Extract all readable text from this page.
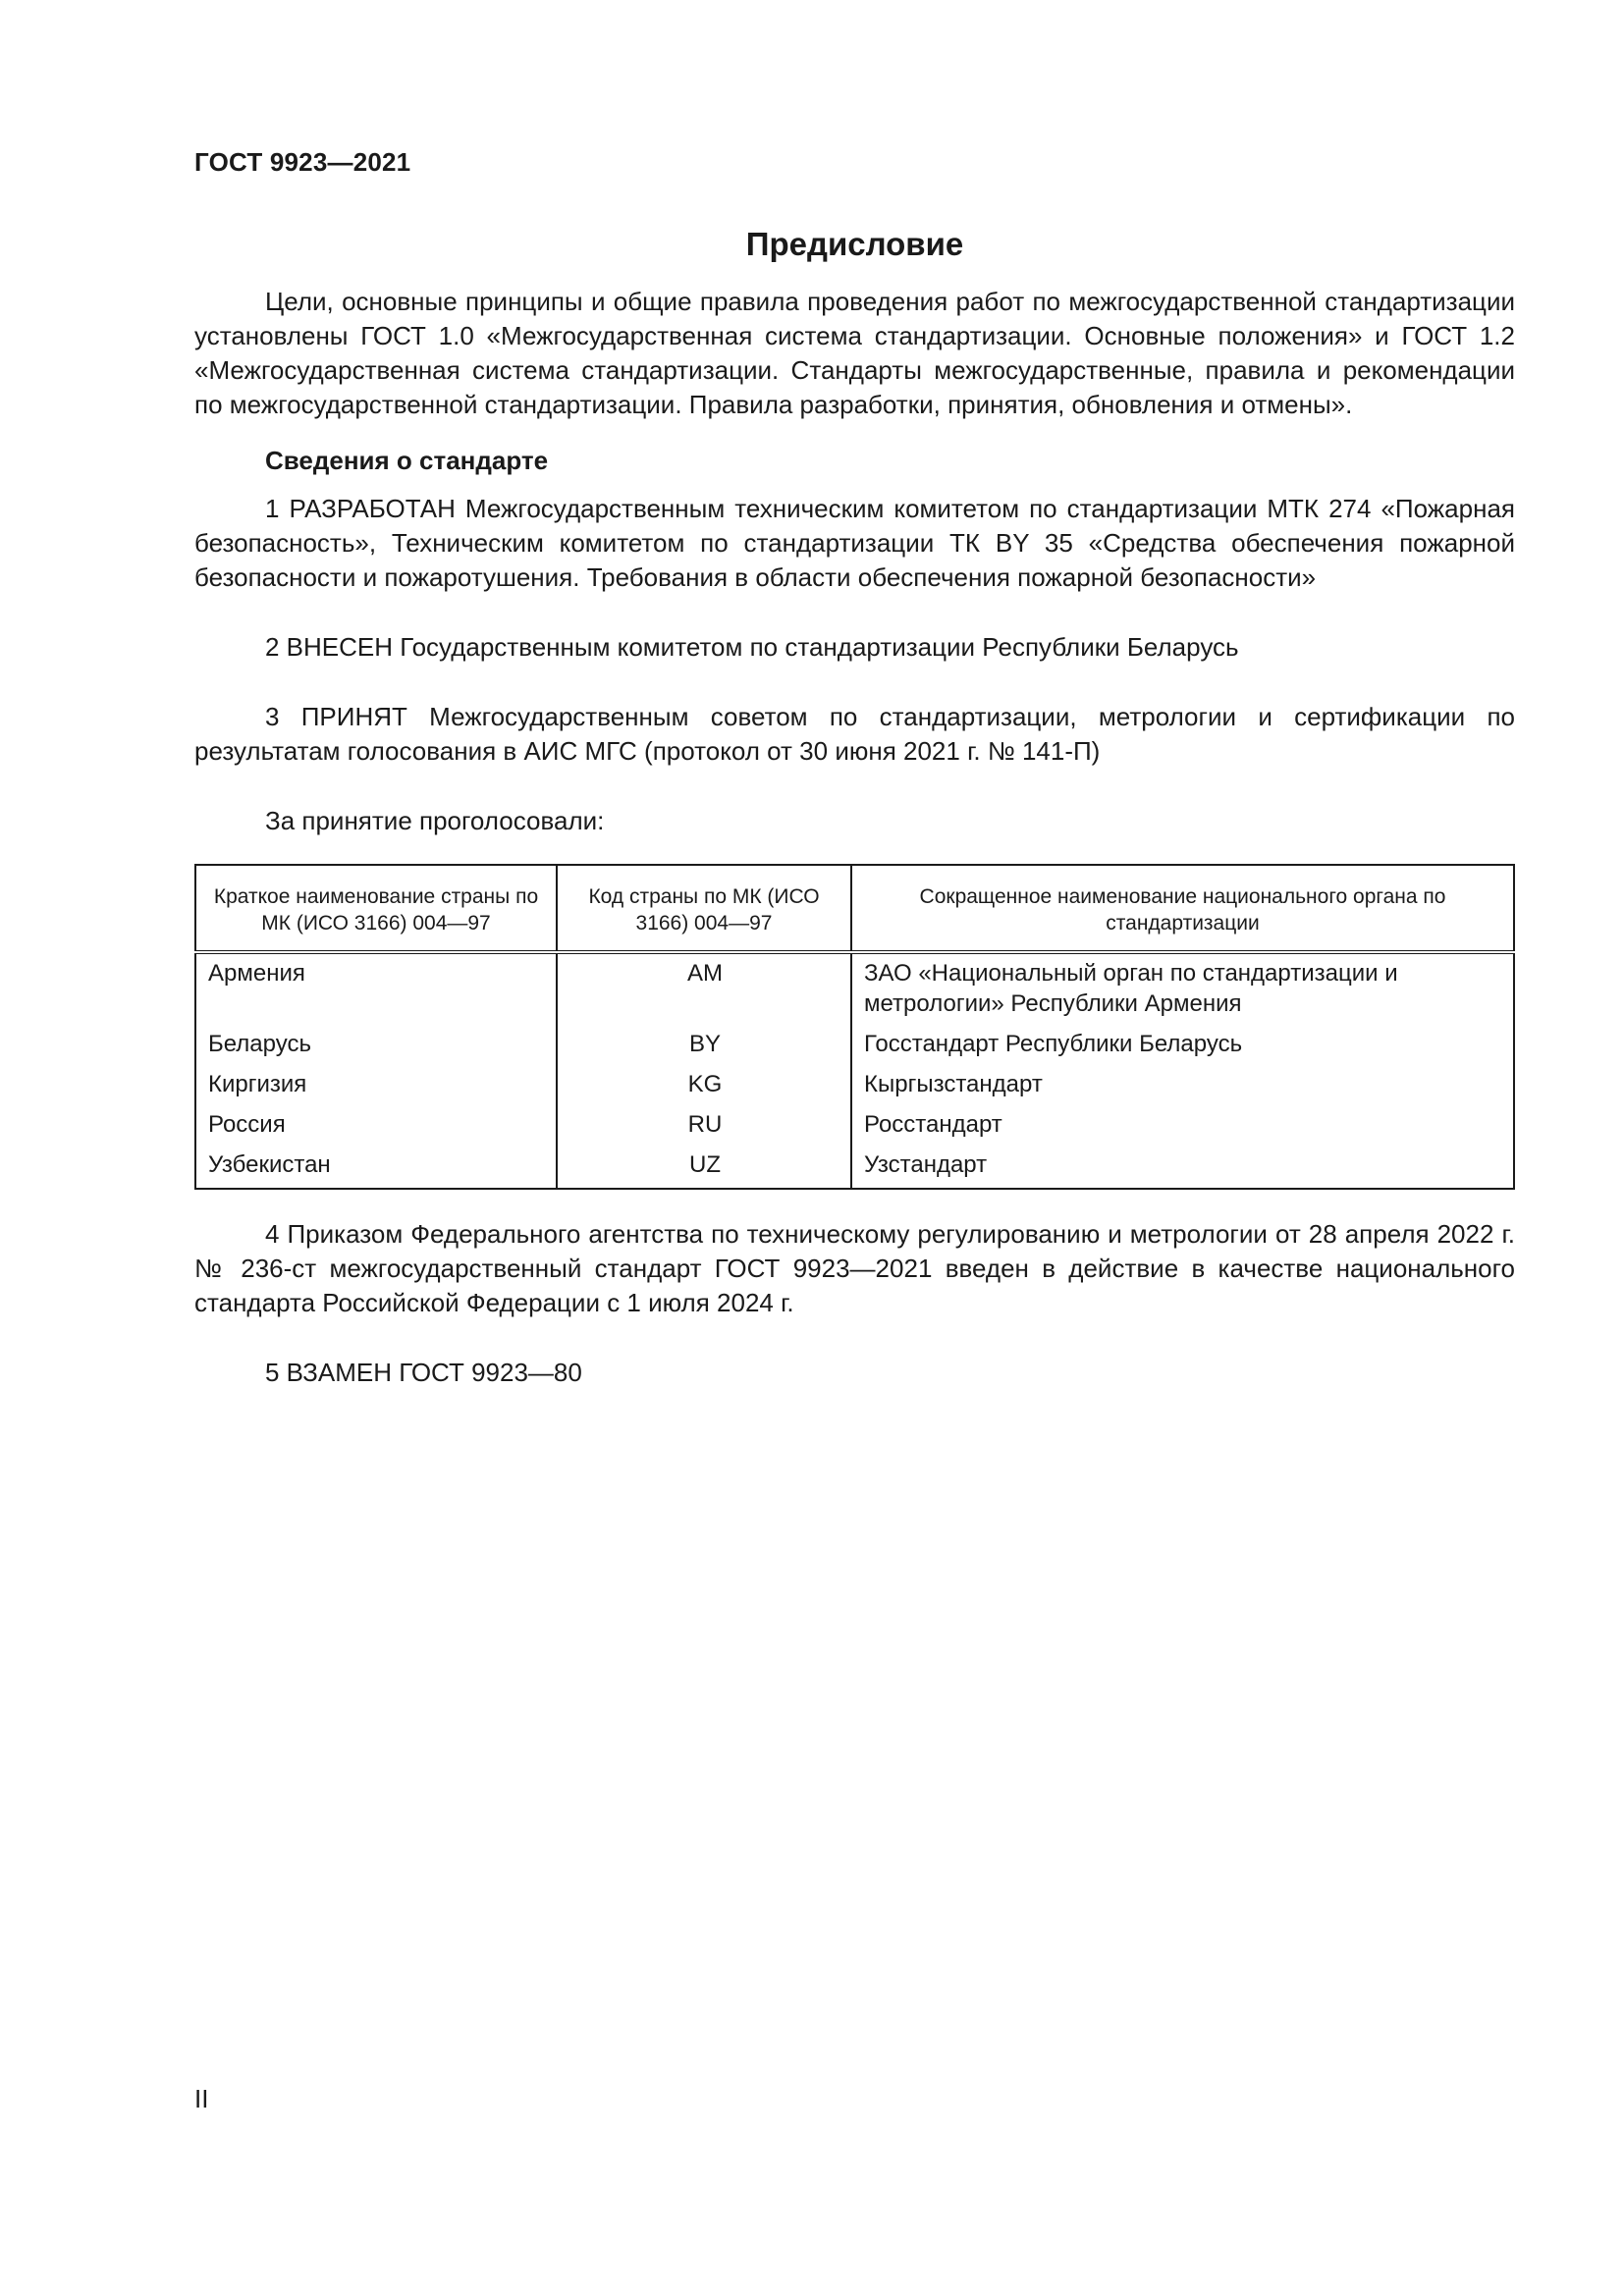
ГОСТ 9923—2021
Предисловие

Цели, основные принципы и общие правила проведения работ по межгосударственной стандартизации установлены ГОСТ 1.0 «Межгосударственная система стандартизации. Основные положения» и ГОСТ 1.2 «Межгосударственная система стандартизации. Стандарты межгосударственные, правила и рекомендации по межгосударственной стандартизации. Правила разработки, принятия, обновления и отмены».

Сведения о стандарте

1 РАЗРАБОТАН Межгосударственным техническим комитетом по стандартизации МТК 274 «Пожарная безопасность», Техническим комитетом по стандартизации ТК BY 35 «Средства обеспечения пожарной безопасности и пожаротушения. Требования в области обеспечения пожарной безопасности»

2 ВНЕСЕН Государственным комитетом по стандартизации Республики Беларусь

3 ПРИНЯТ Межгосударственным советом по стандартизации, метрологии и сертификации по результатам голосования в АИС МГС (протокол от 30 июня 2021 г. № 141-П)

За принятие проголосовали:

Краткое наименование страны по МК (ИСО 3166) 004—97	Код страны по МК (ИСО 3166) 004—97	Сокращенное наименование национального органа по стандартизации
Армения	AM	ЗАО «Национальный орган по стандартизации и метрологии» Республики Армения
Беларусь	BY	Госстандарт Республики Беларусь
Киргизия	KG	Кыргызстандарт
Россия	RU	Росстандарт
Узбекистан	UZ	Узстандарт

4 Приказом Федерального агентства по техническому регулированию и метрологии от 28 апреля 2022 г. № 236-ст межгосударственный стандарт ГОСТ 9923—2021 введен в действие в качестве национального стандарта Российской Федерации с 1 июля 2024 г.

5 ВЗАМЕН ГОСТ 9923—80

II
